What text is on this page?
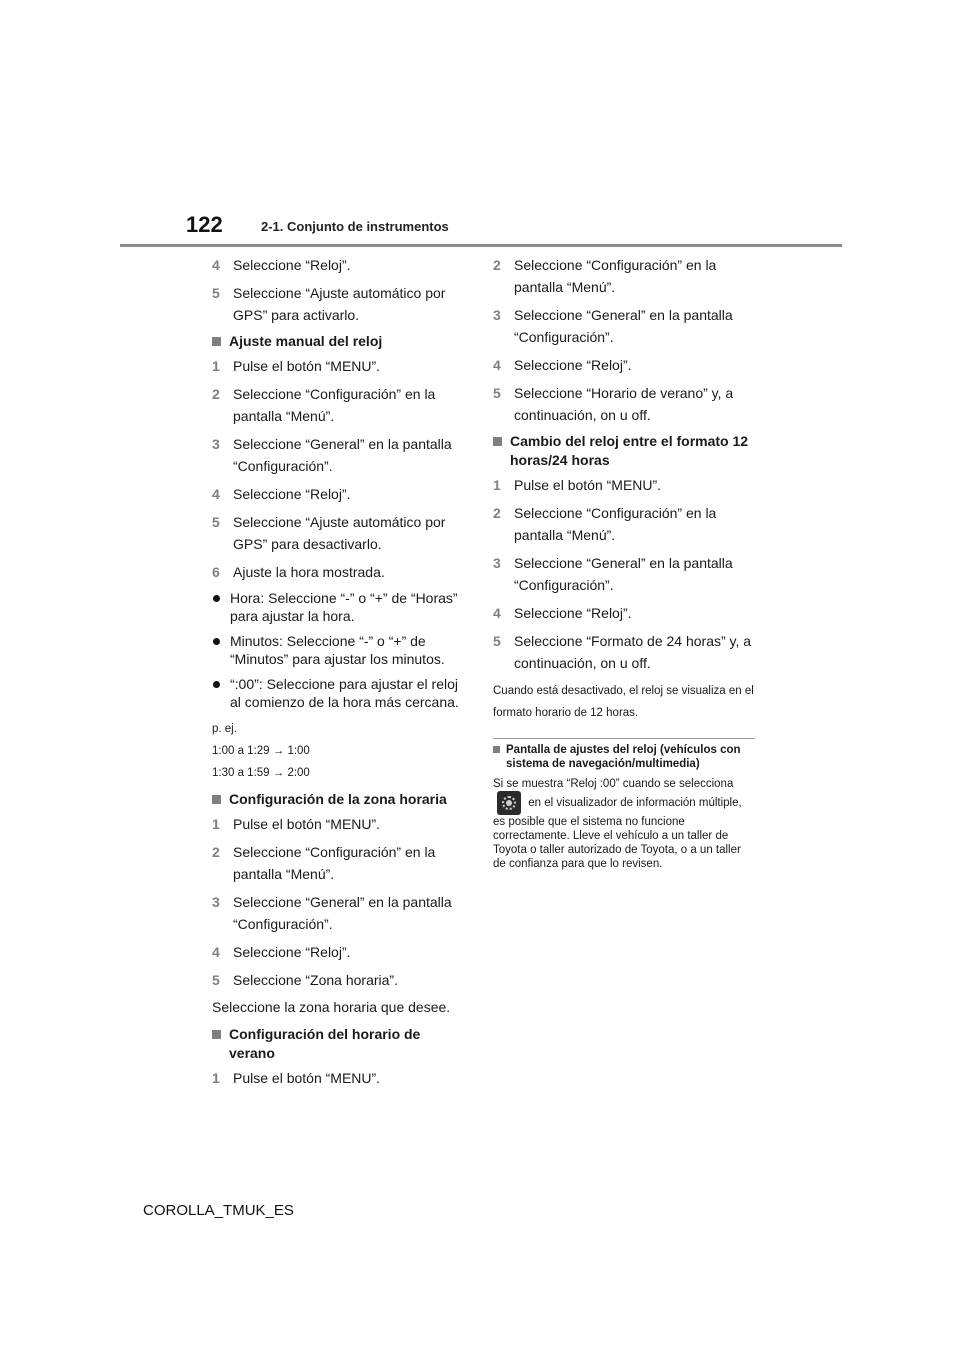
122	2-1. Conjunto de instrumentos
4 Seleccione “Reloj”.
5 Seleccione “Ajuste automático por GPS” para activarlo.
Ajuste manual del reloj
1 Pulse el botón “MENU”.
2 Seleccione “Configuración” en la pantalla “Menú”.
3 Seleccione “General” en la pantalla “Configuración”.
4 Seleccione “Reloj”.
5 Seleccione “Ajuste automático por GPS” para desactivarlo.
6 Ajuste la hora mostrada.
Hora: Seleccione “-” o “+” de “Horas” para ajustar la hora.
Minutos: Seleccione “-” o “+” de “Minutos” para ajustar los minutos.
“:00”: Seleccione para ajustar el reloj al comienzo de la hora más cercana.
p. ej.
1:00 a 1:29 → 1:00
1:30 a 1:59 → 2:00
Configuración de la zona horaria
1 Pulse el botón “MENU”.
2 Seleccione “Configuración” en la pantalla “Menú”.
3 Seleccione “General” en la pantalla “Configuración”.
4 Seleccione “Reloj”.
5 Seleccione “Zona horaria”.
Seleccione la zona horaria que desee.
Configuración del horario de verano
1 Pulse el botón “MENU”.
2 Seleccione “Configuración” en la pantalla “Menú”.
3 Seleccione “General” en la pantalla “Configuración”.
4 Seleccione “Reloj”.
5 Seleccione “Horario de verano” y, a continuación, on u off.
Cambio del reloj entre el formato 12 horas/24 horas
1 Pulse el botón “MENU”.
2 Seleccione “Configuración” en la pantalla “Menú”.
3 Seleccione “General” en la pantalla “Configuración”.
4 Seleccione “Reloj”.
5 Seleccione “Formato de 24 horas” y, a continuación, on u off.
Cuando está desactivado, el reloj se visualiza en el formato horario de 12 horas.
Pantalla de ajustes del reloj (vehículos con sistema de navegación/multimedia)
Si se muestra “Reloj :00” cuando se selecciona  en el visualizador de información múltiple, es posible que el sistema no funcione correctamente. Lleve el vehículo a un taller de Toyota o taller autorizado de Toyota, o a un taller de confianza para que lo revisen.
COROLLA_TMUK_ES
